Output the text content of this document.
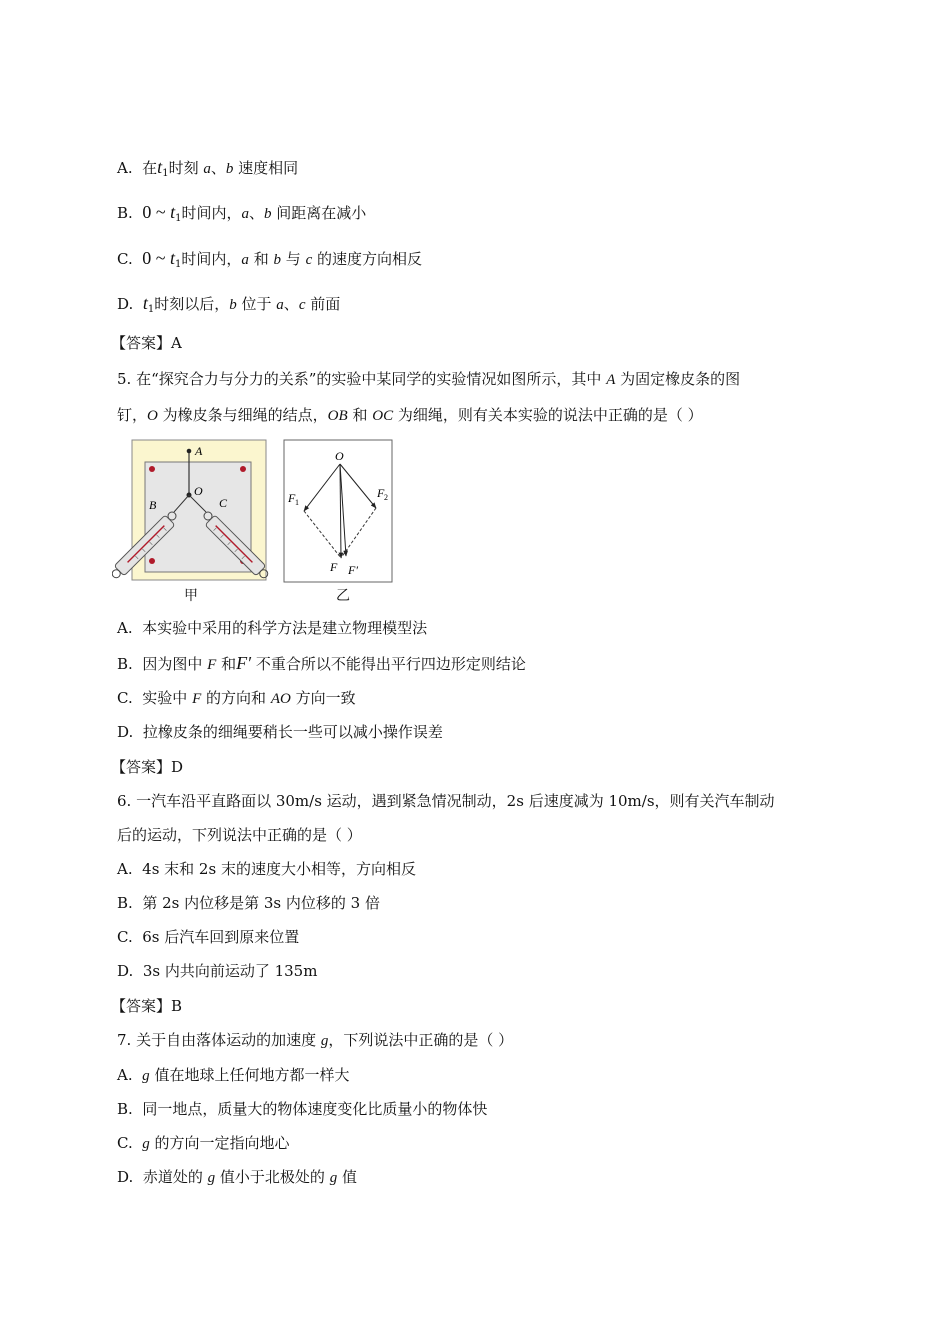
A. 在$t_1$时刻 a、b 速度相同
B. 0 ~ $t_1$时间内，a、b 间距离在减小
C. 0 ~ $t_1$时间内，a 和 b 与 c 的速度方向相反
D. $t_1$时刻以后，b 位于 a、c 前面
【答案】A
5. 在“探究合力与分力的关系”的实验中某同学的实验情况如图所示，其中 A 为固定橡皮条的图
钉，O 为橡皮条与细绳的结点，OB 和 OC 为细绳，则有关本实验的说法中正确的是（ ）
A
O
B	C
甲
O
F 1
F 2
F F′
乙
A. 本实验中采用的科学方法是建立物理模型法
B. 因为图中 F 和F′ 不重合所以不能得出平行四边形定则结论
C. 实验中 F 的方向和 AO 方向一致
D. 拉橡皮条的细绳要稍长一些可以减小操作误差
【答案】D
6. 一汽车沿平直路面以 30m/s 运动，遇到紧急情况制动，2s 后速度减为 10m/s，则有关汽车制动
后的运动，下列说法中正确的是（ ）
A. 4s 末和 2s 末的速度大小相等，方向相反
B. 第 2s 内位移是第 3s 内位移的 3 倍
C. 6s 后汽车回到原来位置
D. 3s 内共向前运动了 135m
【答案】B
7. 关于自由落体运动的加速度 g，下列说法中正确的是（ ）
A. g 值在地球上任何地方都一样大
B. 同一地点，质量大的物体速度变化比质量小的物体快
C. g 的方向一定指向地心
D. 赤道处的 g 值小于北极处的 g 值
